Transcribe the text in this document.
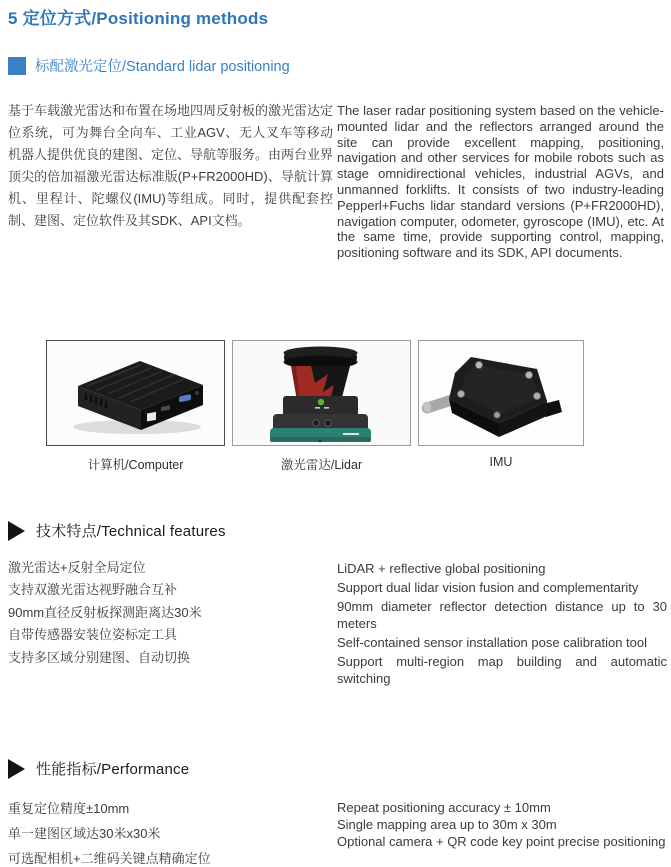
5 定位方式/Positioning methods
标配激光定位/Standard lidar positioning

基于车载激光雷达和布置在场地四周反射板的激光雷达定位系统，可为舞台全向车、工业AGV、无人叉车等移动机器人提供优良的建图、定位、导航等服务。由两台业界顶尖的倍加福激光雷达标准版(P+FR2000HD)、导航计算机、里程计、陀螺仪(IMU)等组成。同时，提供配套控制、建图、定位软件及其SDK、API文档。

The laser radar positioning system based on the vehicle-mounted lidar and the reflectors arranged around the site can provide excellent mapping, positioning, navigation and other services for mobile robots such as stage omnidirectional vehicles, industrial AGVs, and unmanned forklifts. It consists of two industry-leading Pepperl+Fuchs lidar standard versions (P+FR2000HD), navigation computer, odometer, gyroscope (IMU), etc. At the same time, provide supporting control, mapping, positioning software and its SDK, API documents.

计算机/Computer	激光雷达/Lidar	IMU
技术特点/Technical features

激光雷达+反射全局定位

支持双激光雷达视野融合互补

90mm直径反射板探测距离达30米

自带传感器安装位姿标定工具

支持多区域分别建图、自动切换

LiDAR + reflective global positioning

Support dual lidar vision fusion and complementarity

90mm diameter reflector detection distance up to 30 meters

Self-contained sensor installation pose calibration tool

Support multi-region map building and automatic switching

性能指标/Performance

重复定位精度±10mm

单一建图区域达30米x30米

可选配相机+二维码关键点精确定位

Repeat positioning accuracy ± 10mm

Single mapping area up to 30m x 30m

Optional camera + QR code key point precise positioning
